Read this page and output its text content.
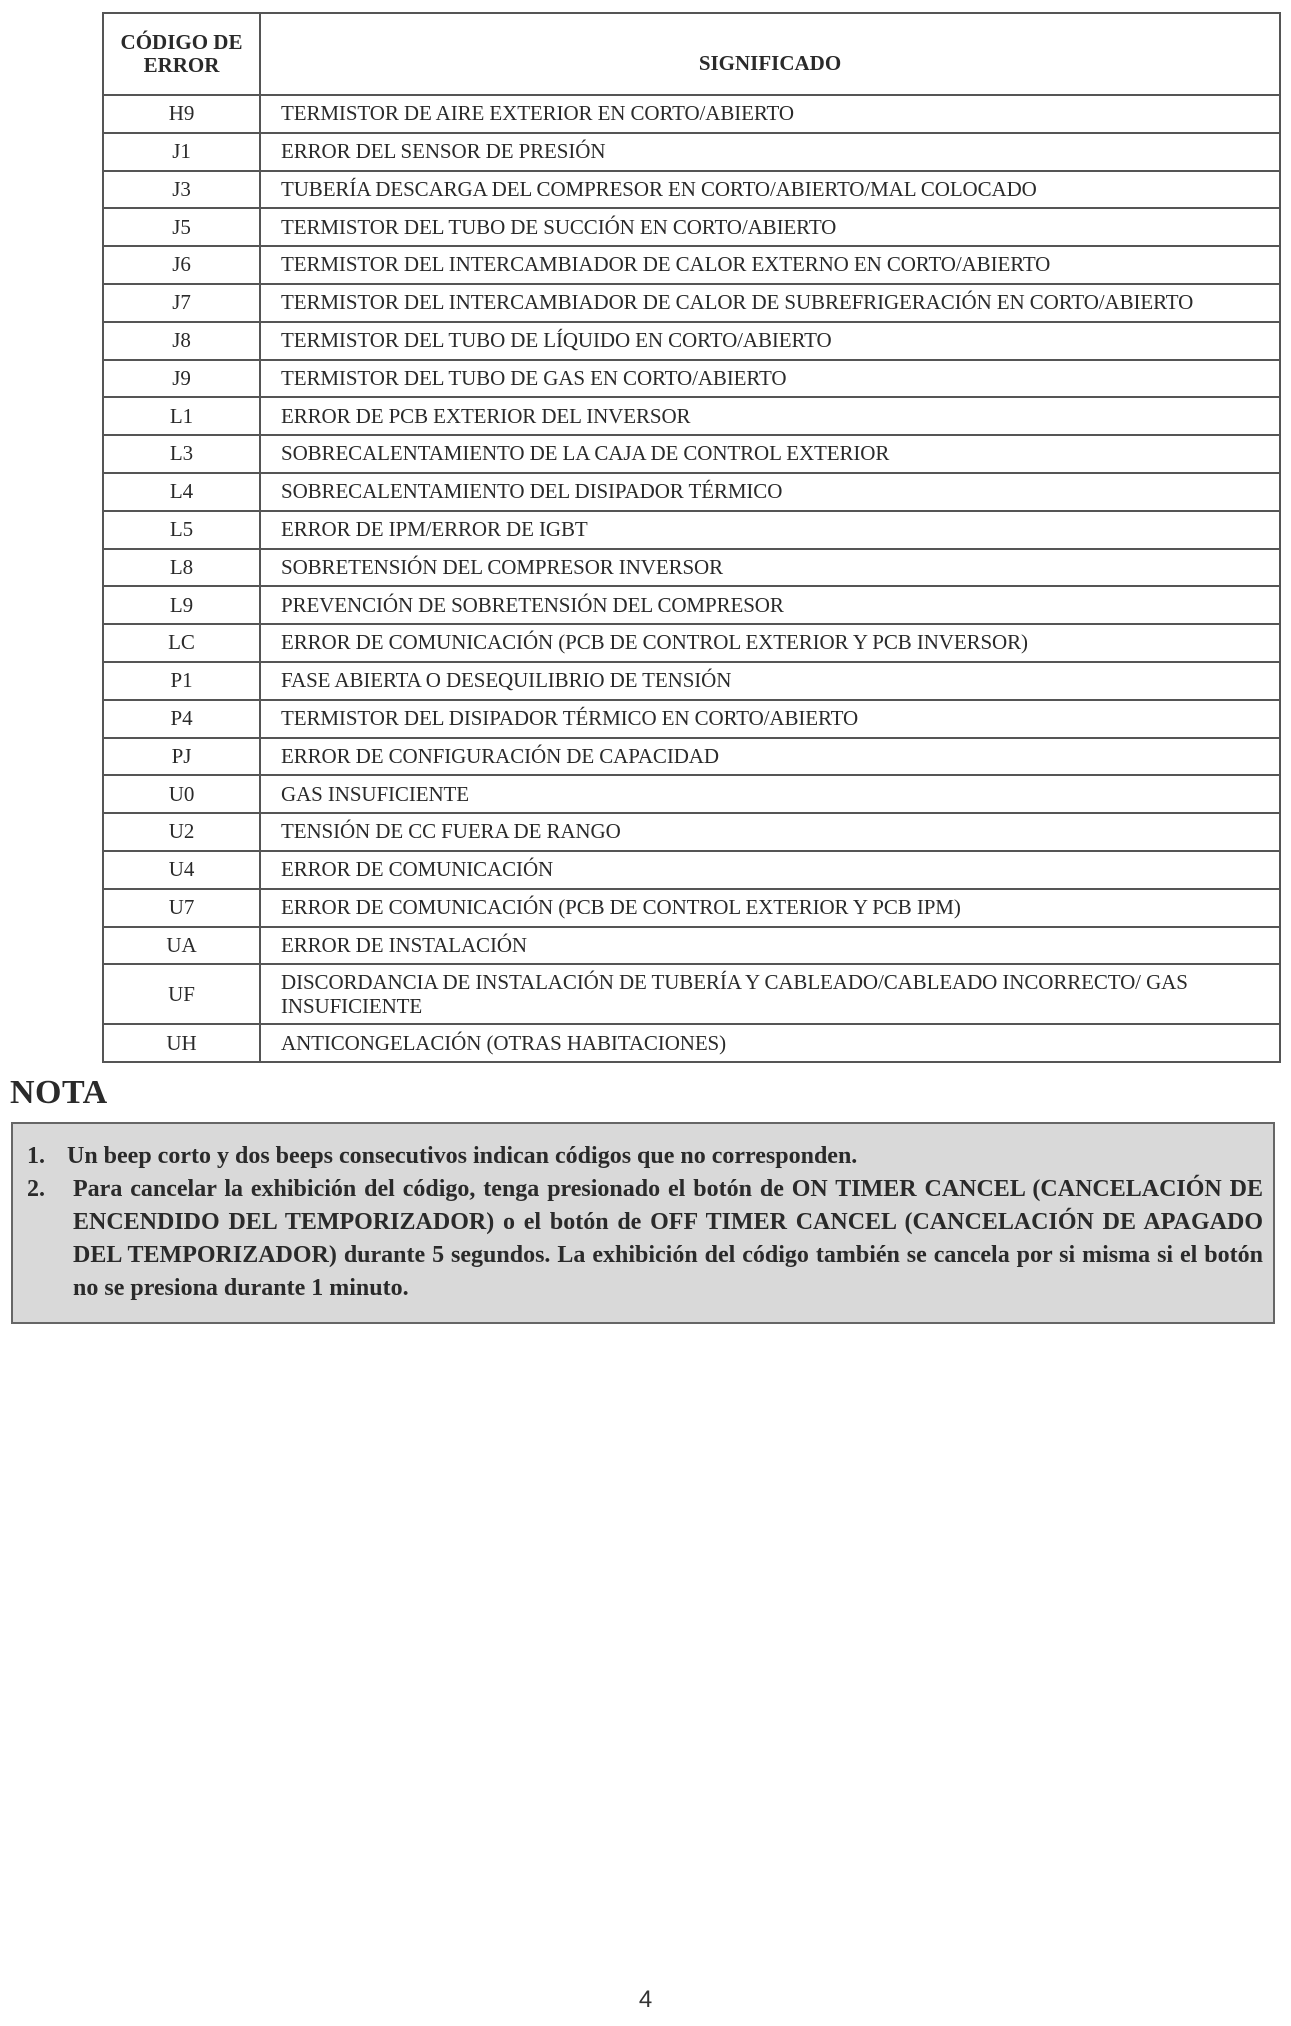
CÓDIGO DE
ERROR	SIGNIFICADO
H9	TERMISTOR DE AIRE EXTERIOR EN CORTO/ABIERTO
J1	ERROR DEL SENSOR DE PRESIÓN
J3	TUBERÍA DESCARGA DEL COMPRESOR EN CORTO/ABIERTO/MAL COLOCADO
J5	TERMISTOR DEL TUBO DE SUCCIÓN EN CORTO/ABIERTO
J6	TERMISTOR DEL INTERCAMBIADOR DE CALOR EXTERNO EN CORTO/ABIERTO
J7	TERMISTOR DEL INTERCAMBIADOR DE CALOR DE SUBREFRIGERACIÓN EN CORTO/ABIERTO
J8	TERMISTOR DEL TUBO DE LÍQUIDO EN CORTO/ABIERTO
J9	TERMISTOR DEL TUBO DE GAS EN CORTO/ABIERTO
L1	ERROR DE PCB EXTERIOR DEL INVERSOR
L3	SOBRECALENTAMIENTO DE LA CAJA DE CONTROL EXTERIOR
L4	SOBRECALENTAMIENTO DEL DISIPADOR TÉRMICO
L5	ERROR DE IPM/ERROR DE IGBT
L8	SOBRETENSIÓN DEL COMPRESOR INVERSOR
L9	PREVENCIÓN DE SOBRETENSIÓN DEL COMPRESOR
LC	ERROR DE COMUNICACIÓN (PCB DE CONTROL EXTERIOR Y PCB INVERSOR)
P1	FASE ABIERTA O DESEQUILIBRIO DE TENSIÓN
P4	TERMISTOR DEL DISIPADOR TÉRMICO EN CORTO/ABIERTO
PJ	ERROR DE CONFIGURACIÓN DE CAPACIDAD
U0	GAS INSUFICIENTE
U2	TENSIÓN DE CC FUERA DE RANGO
U4	ERROR DE COMUNICACIÓN
U7	ERROR DE COMUNICACIÓN (PCB DE CONTROL EXTERIOR Y PCB IPM)
UA	ERROR DE INSTALACIÓN
UF	DISCORDANCIA DE INSTALACIÓN DE TUBERÍA Y CABLEADO/CABLEADO INCORRECTO/ GAS INSUFICIENTE
UH	ANTICONGELACIÓN (OTRAS HABITACIONES)
NOTA
1. Un beep corto y dos beeps consecutivos indican códigos que no corresponden.
2.	Para cancelar la exhibición del código, tenga presionado el botón de ON TIMER CANCEL (CANCELACIÓN DE ENCENDIDO DEL TEMPORIZADOR) o el botón de OFF TIMER CANCEL (CANCELACIÓN DE APAGADO DEL TEMPORIZADOR) durante 5 segundos. La exhibición del código también se cancela por si misma si el botón no se presiona durante 1 minuto.
4
